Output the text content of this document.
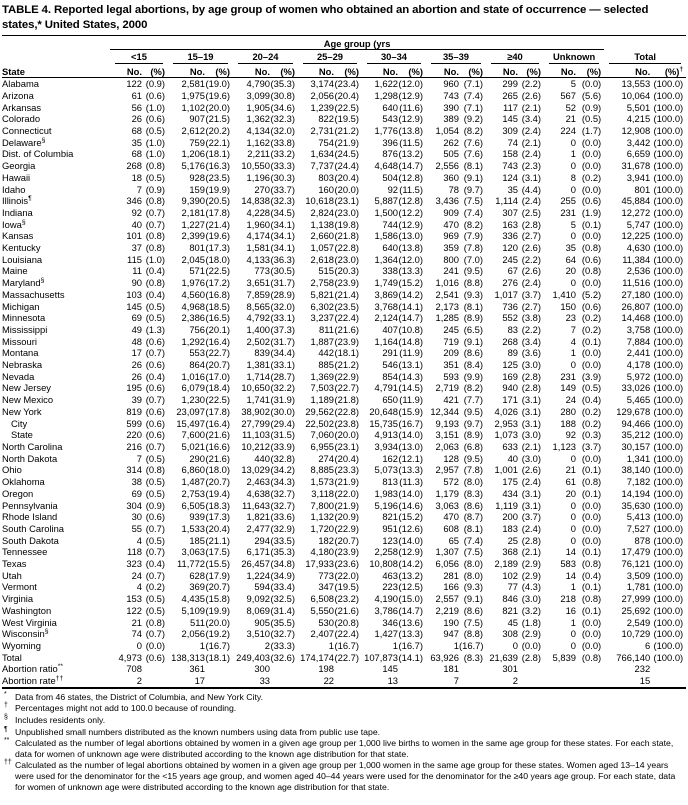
TABLE 4. Reported legal abortions, by age group of women who obtained an abortion and state of occurrence — selected states,* United States, 2000
	Age group (yrs																	

	<15		15–19		20–24		25–29		30–34		35–39		≥40		Unknown		Total	

State	No.	(%)	No.	(%)	No.	(%)	No.	(%)	No.	(%)	No.	(%)	No.	(%)	No.	(%)	No.	(%)†
Alabama	122	(0.9)	2,581	(19.0)	4,790	(35.3)	3,174	(23.4)	1,622	(12.0)	960	(7.1)	299	(2.2)	5	(0.0)	13,553	(100.0)
Arizona	61	(0.6)	1,975	(19.6)	3,099	(30.8)	2,056	(20.4)	1,298	(12.9)	743	(7.4)	265	(2.6)	567	(5.6)	10,064	(100.0)
Arkansas	56	(1.0)	1,102	(20.0)	1,905	(34.6)	1,239	(22.5)	640	(11.6)	390	(7.1)	117	(2.1)	52	(0.9)	5,501	(100.0)
Colorado	26	(0.6)	907	(21.5)	1,362	(32.3)	822	(19.5)	543	(12.9)	389	(9.2)	145	(3.4)	21	(0.5)	4,215	(100.0)
Connecticut	68	(0.5)	2,612	(20.2)	4,134	(32.0)	2,731	(21.2)	1,776	(13.8)	1,054	(8.2)	309	(2.4)	224	(1.7)	12,908	(100.0)
Delaware§	35	(1.0)	759	(22.1)	1,162	(33.8)	754	(21.9)	396	(11.5)	262	(7.6)	74	(2.1)	0	(0.0)	3,442	(100.0)
Dist. of Columbia	68	(1.0)	1,206	(18.1)	2,211	(33.2)	1,634	(24.5)	876	(13.2)	505	(7.6)	158	(2.4)	1	(0.0)	6,659	(100.0)
Georgia	268	(0.8)	5,176	(16.3)	10,550	(33.3)	7,737	(24.4)	4,648	(14.7)	2,556	(8.1)	743	(2.3)	0	(0.0)	31,678	(100.0)
Hawaii	18	(0.5)	928	(23.5)	1,196	(30.3)	803	(20.4)	504	(12.8)	360	(9.1)	124	(3.1)	8	(0.2)	3,941	(100.0)
Idaho	7	(0.9)	159	(19.9)	270	(33.7)	160	(20.0)	92	(11.5)	78	(9.7)	35	(4.4)	0	(0.0)	801	(100.0)
Illinois¶	346	(0.8)	9,390	(20.5)	14,838	(32.3)	10,618	(23.1)	5,887	(12.8)	3,436	(7.5)	1,114	(2.4)	255	(0.6)	45,884	(100.0)
Indiana	92	(0.7)	2,181	(17.8)	4,228	(34.5)	2,824	(23.0)	1,500	(12.2)	909	(7.4)	307	(2.5)	231	(1.9)	12,272	(100.0)
Iowa§	40	(0.7)	1,227	(21.4)	1,960	(34.1)	1,138	(19.8)	744	(12.9)	470	(8.2)	163	(2.8)	5	(0.1)	5,747	(100.0)
Kansas	101	(0.8)	2,399	(19.6)	4,174	(34.1)	2,660	(21.8)	1,586	(13.0)	969	(7.9)	336	(2.7)	0	(0.0)	12,225	(100.0)
Kentucky	37	(0.8)	801	(17.3)	1,581	(34.1)	1,057	(22.8)	640	(13.8)	359	(7.8)	120	(2.6)	35	(0.8)	4,630	(100.0)
Louisiana	115	(1.0)	2,045	(18.0)	4,133	(36.3)	2,618	(23.0)	1,364	(12.0)	800	(7.0)	245	(2.2)	64	(0.6)	11,384	(100.0)
Maine	11	(0.4)	571	(22.5)	773	(30.5)	515	(20.3)	338	(13.3)	241	(9.5)	67	(2.6)	20	(0.8)	2,536	(100.0)
Maryland§	90	(0.8)	1,976	(17.2)	3,651	(31.7)	2,758	(23.9)	1,749	(15.2)	1,016	(8.8)	276	(2.4)	0	(0.0)	11,516	(100.0)
Massachusetts	103	(0.4)	4,560	(16.8)	7,859	(28.9)	5,821	(21.4)	3,869	(14.2)	2,541	(9.3)	1,017	(3.7)	1,410	(5.2)	27,180	(100.0)
Michigan	145	(0.5)	4,968	(18.5)	8,565	(32.0)	6,302	(23.5)	3,768	(14.1)	2,173	(8.1)	736	(2.7)	150	(0.6)	26,807	(100.0)
Minnesota	69	(0.5)	2,386	(16.5)	4,792	(33.1)	3,237	(22.4)	2,124	(14.7)	1,285	(8.9)	552	(3.8)	23	(0.2)	14,468	(100.0)
Mississippi	49	(1.3)	756	(20.1)	1,400	(37.3)	811	(21.6)	407	(10.8)	245	(6.5)	83	(2.2)	7	(0.2)	3,758	(100.0)
Missouri	48	(0.6)	1,292	(16.4)	2,502	(31.7)	1,887	(23.9)	1,164	(14.8)	719	(9.1)	268	(3.4)	4	(0.1)	7,884	(100.0)
Montana	17	(0.7)	553	(22.7)	839	(34.4)	442	(18.1)	291	(11.9)	209	(8.6)	89	(3.6)	1	(0.0)	2,441	(100.0)
Nebraska	26	(0.6)	864	(20.7)	1,381	(33.1)	885	(21.2)	546	(13.1)	351	(8.4)	125	(3.0)	0	(0.0)	4,178	(100.0)
Nevada	26	(0.4)	1,016	(17.0)	1,714	(28.7)	1,369	(22.9)	854	(14.3)	593	(9.9)	169	(2.8)	231	(3.9)	5,972	(100.0)
New Jersey	195	(0.6)	6,079	(18.4)	10,650	(32.2)	7,503	(22.7)	4,791	(14.5)	2,719	(8.2)	940	(2.8)	149	(0.5)	33,026	(100.0)
New Mexico	39	(0.7)	1,230	(22.5)	1,741	(31.9)	1,189	(21.8)	650	(11.9)	421	(7.7)	171	(3.1)	24	(0.4)	5,465	(100.0)
New York	819	(0.6)	23,097	(17.8)	38,902	(30.0)	29,562	(22.8)	20,648	(15.9)	12,344	(9.5)	4,026	(3.1)	280	(0.2)	129,678	(100.0)
City	599	(0.6)	15,497	(16.4)	27,799	(29.4)	22,502	(23.8)	15,735	(16.7)	9,193	(9.7)	2,953	(3.1)	188	(0.2)	94,466	(100.0)
State	220	(0.6)	7,600	(21.6)	11,103	(31.5)	7,060	(20.0)	4,913	(14.0)	3,151	(8.9)	1,073	(3.0)	92	(0.3)	35,212	(100.0)
North Carolina	216	(0.7)	5,021	(16.6)	10,212	(33.9)	6,955	(23.1)	3,934	(13.0)	2,063	(6.8)	633	(2.1)	1,123	(3.7)	30,157	(100.0)
North Dakota	7	(0.5)	290	(21.6)	440	(32.8)	274	(20.4)	162	(12.1)	128	(9.5)	40	(3.0)	0	(0.0)	1,341	(100.0)
Ohio	314	(0.8)	6,860	(18.0)	13,029	(34.2)	8,885	(23.3)	5,073	(13.3)	2,957	(7.8)	1,001	(2.6)	21	(0.1)	38,140	(100.0)
Oklahoma	38	(0.5)	1,487	(20.7)	2,463	(34.3)	1,573	(21.9)	813	(11.3)	572	(8.0)	175	(2.4)	61	(0.8)	7,182	(100.0)
Oregon	69	(0.5)	2,753	(19.4)	4,638	(32.7)	3,118	(22.0)	1,983	(14.0)	1,179	(8.3)	434	(3.1)	20	(0.1)	14,194	(100.0)
Pennsylvania	304	(0.9)	6,505	(18.3)	11,643	(32.7)	7,800	(21.9)	5,196	(14.6)	3,063	(8.6)	1,119	(3.1)	0	(0.0)	35,630	(100.0)
Rhode Island	30	(0.6)	939	(17.3)	1,821	(33.6)	1,132	(20.9)	821	(15.2)	470	(8.7)	200	(3.7)	0	(0.0)	5,413	(100.0)
South Carolina	55	(0.7)	1,533	(20.4)	2,477	(32.9)	1,720	(22.9)	951	(12.6)	608	(8.1)	183	(2.4)	0	(0.0)	7,527	(100.0)
South Dakota	4	(0.5)	185	(21.1)	294	(33.5)	182	(20.7)	123	(14.0)	65	(7.4)	25	(2.8)	0	(0.0)	878	(100.0)
Tennessee	118	(0.7)	3,063	(17.5)	6,171	(35.3)	4,180	(23.9)	2,258	(12.9)	1,307	(7.5)	368	(2.1)	14	(0.1)	17,479	(100.0)
Texas	323	(0.4)	11,772	(15.5)	26,457	(34.8)	17,933	(23.6)	10,808	(14.2)	6,056	(8.0)	2,189	(2.9)	583	(0.8)	76,121	(100.0)
Utah	24	(0.7)	628	(17.9)	1,224	(34.9)	773	(22.0)	463	(13.2)	281	(8.0)	102	(2.9)	14	(0.4)	3,509	(100.0)
Vermont	4	(0.2)	369	(20.7)	594	(33.4)	347	(19.5)	223	(12.5)	166	(9.3)	77	(4.3)	1	(0.1)	1,781	(100.0)
Virginia	153	(0.5)	4,435	(15.8)	9,092	(32.5)	6,508	(23.2)	4,190	(15.0)	2,557	(9.1)	846	(3.0)	218	(0.8)	27,999	(100.0)
Washington	122	(0.5)	5,109	(19.9)	8,069	(31.4)	5,550	(21.6)	3,786	(14.7)	2,219	(8.6)	821	(3.2)	16	(0.1)	25,692	(100.0)
West Virginia	21	(0.8)	511	(20.0)	905	(35.5)	530	(20.8)	346	(13.6)	190	(7.5)	45	(1.8)	1	(0.0)	2,549	(100.0)
Wisconsin§	74	(0.7)	2,056	(19.2)	3,510	(32.7)	2,407	(22.4)	1,427	(13.3)	947	(8.8)	308	(2.9)	0	(0.0)	10,729	(100.0)
Wyoming	0	(0.0)	1	(16.7)	2	(33.3)	1	(16.7)	1	(16.7)	1	(16.7)	0	(0.0)	0	(0.0)	6	(100.0)
Total	4,973	(0.6)	138,313	(18.1)	249,403	(32.6)	174,174	(22.7)	107,873	(14.1)	63,926	(8.3)	21,639	(2.8)	5,839	(0.8)	766,140	(100.0)
Abortion ratio**	708		361		300		198		145		181		301				232	
Abortion rate††	2		17		33		22		13		7		2				15	
* Data from 46 states, the District of Columbia, and New York City.
† Percentages might not add to 100.0 because of rounding.
§ Includes residents only.
¶ Unpublished small numbers distributed as the known numbers using data from public use tape.
** Calculated as the number of legal abortions obtained by women in a given age group per 1,000 live births to women in the same age group for these states. For each state, data for women of unknown age were distributed according to the known age distribution for that state.
†† Calculated as the number of legal abortions obtained by women in a given age group per 1,000 women in the same age group for these states. Women aged 13–14 years were used for the denominator for the <15 years age group, and women aged 40–44 years were used for the denominator for the ≥40 years age group. For each state, data for women of unknown age were distributed according to the known age distribution for that state.
